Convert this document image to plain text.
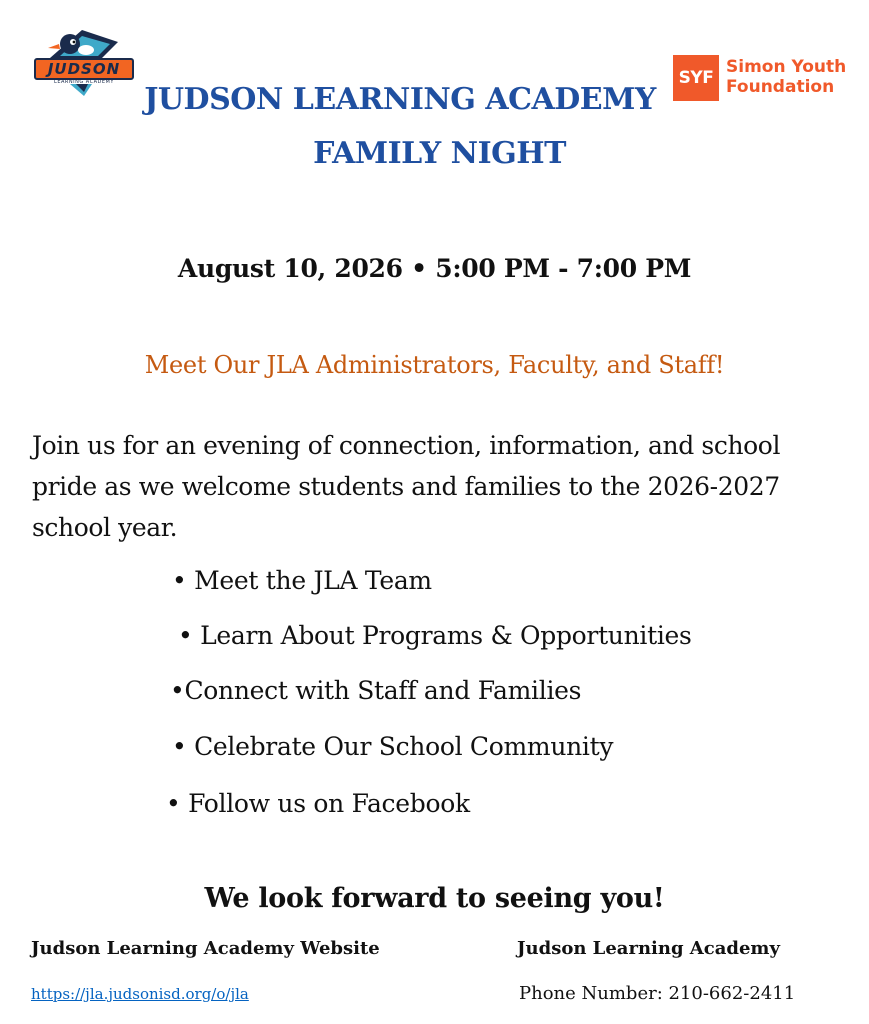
JUDSON
LEARNING ACADEMY	SYF
Simon Youth
Foundation
JUDSON LEARNING ACADEMY
FAMILY NIGHT
August 10, 2026 • 5:00 PM - 7:00 PM
Meet Our JLA Administrators, Faculty, and Staff!
Join us for an evening of connection, information, and school pride as we welcome students and families to the 2026-2027 school year.
• Meet the JLA Team
• Learn About Programs & Opportunities
•Connect with Staff and Families
• Celebrate Our School Community
• Follow us on Facebook
We look forward to seeing you!
Judson Learning Academy Website	Judson Learning Academy
https://jla.judsonisd.org/o/jla	Phone Number: 210-662-2411
